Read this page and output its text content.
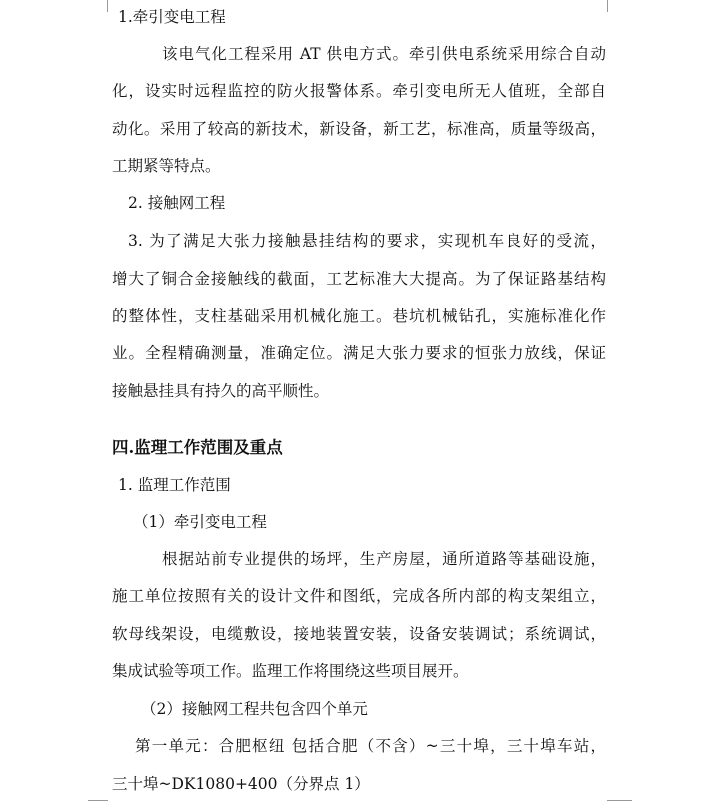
1.牵引变电工程
该电气化工程采用 AT 供电方式。牵引供电系统采用综合自动
化，设实时远程监控的防火报警体系。牵引变电所无人值班，全部自
动化。采用了较高的新技术，新设备，新工艺，标准高，质量等级高，
工期紧等特点。
2. 接触网工程
3. 为了满足大张力接触悬挂结构的要求，实现机车良好的受流，
增大了铜合金接触线的截面，工艺标准大大提高。为了保证路基结构
的整体性，支柱基础采用机械化施工。巷坑机械钻孔，实施标准化作
业。全程精确测量，准确定位。满足大张力要求的恒张力放线，保证
接触悬挂具有持久的高平顺性。
四.监理工作范围及重点
1. 监理工作范围
（1）牵引变电工程
根据站前专业提供的场坪，生产房屋，通所道路等基础设施，
施工单位按照有关的设计文件和图纸，完成各所内部的构支架组立，
软母线架设，电缆敷设，接地装置安装，设备安装调试；系统调试，
集成试验等项工作。监理工作将围绕这些项目展开。
（2）接触网工程共包含四个单元
第一单元：合肥枢纽 包括合肥（不含）~三十埠，三十埠车站，
三十埠~DK1080+400（分界点 1）
